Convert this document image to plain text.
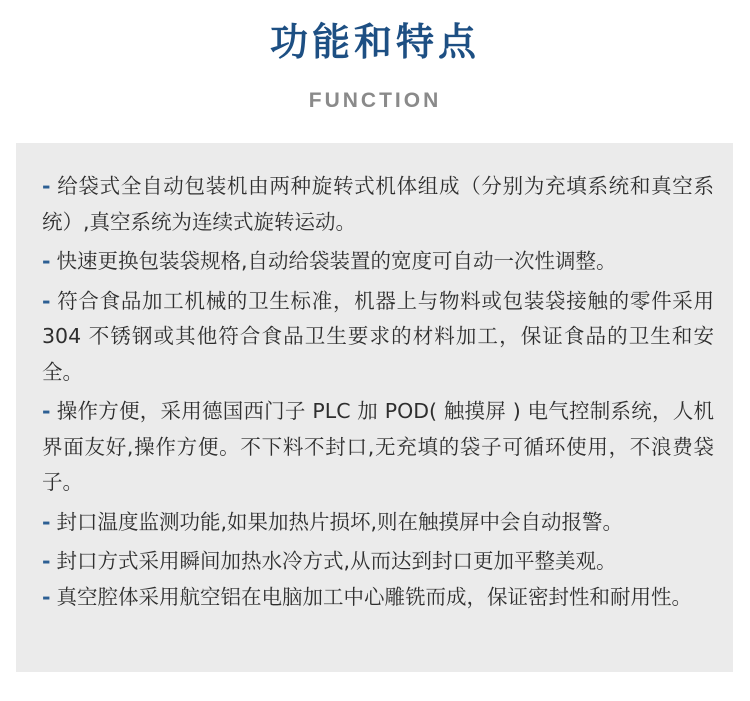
功能和特点
FUNCTION
- 给袋式全自动包装机由两种旋转式机体组成（分别为充填系统和真空系统）,真空系统为连续式旋转运动。
- 快速更换包装袋规格,自动给袋装置的宽度可自动一次性调整。
- 符合食品加工机械的卫生标准，机器上与物料或包装袋接触的零件采用 304 不锈钢或其他符合食品卫生要求的材料加工，保证食品的卫生和安全。
- 操作方便，采用德国西门子 PLC 加 POD( 触摸屏 ) 电气控制系统，人机界面友好,操作方便。不下料不封口,无充填的袋子可循环使用，不浪费袋子。
- 封口温度监测功能,如果加热片损坏,则在触摸屏中会自动报警。
- 封口方式采用瞬间加热水冷方式,从而达到封口更加平整美观。
- 真空腔体采用航空铝在电脑加工中心雕铣而成，保证密封性和耐用性。
